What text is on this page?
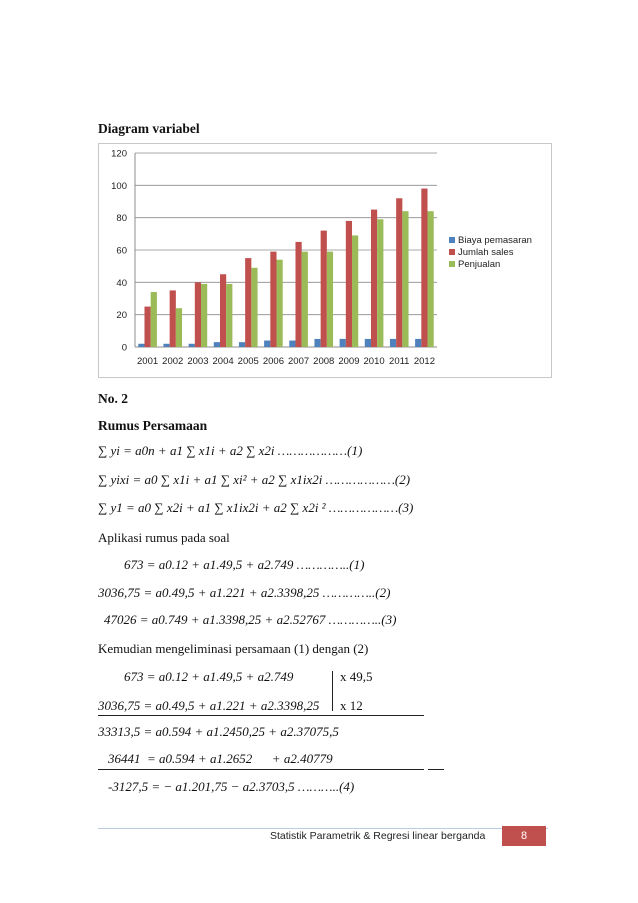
Diagram variabel
0
20
40
60
80
100
120
2001 2002 2003 2004 2005 2006 2007 2008 2009 2010 2011 2012
Biaya pemasaran
Jumlah sales
Penjualan
No. 2
Rumus Persamaan
∑ yi = a0n + a1 ∑ x1i + a2 ∑ x2i ………………(1)
∑ yixi = a0 ∑ x1i + a1 ∑ xi² + a2 ∑ x1ix2i ………………(2)
∑ y1 = a0 ∑ x2i + a1 ∑ x1ix2i + a2 ∑ x2i ² ………………(3)
Aplikasi rumus pada soal
673 = a0.12 + a1.49,5 + a2.749 …………..(1)
3036,75 = a0.49,5 + a1.221 + a2.3398,25 …………..(2)
47026 = a0.749 + a1.3398,25 + a2.52767 …………..(3)
Kemudian mengeliminasi persamaan (1) dengan (2)
673 = a0.12 + a1.49,5 + a2.749	x 49,5
3036,75 = a0.49,5 + a1.221 + a2.3398,25 x 12
33313,5 = a0.594 + a1.2450,25 + a2.37075,5
36441  = a0.594 + a1.2652      + a2.40779
-3127,5 = − a1.201,75 − a2.3703,5 ………..(4)
Statistik Parametrik & Regresi linear berganda	8
